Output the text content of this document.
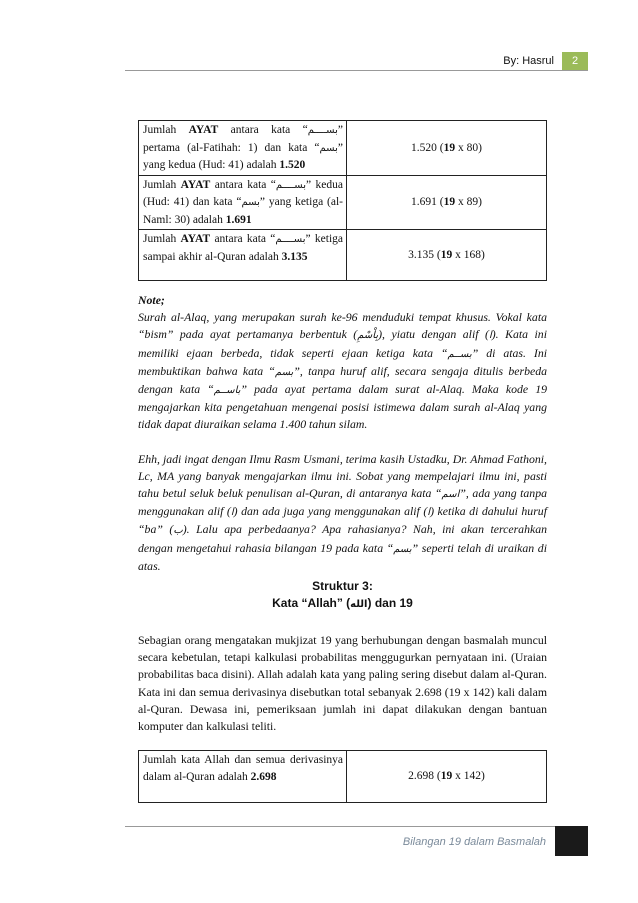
By: Hasrul	2
Jumlah AYAT antara kata “بســــم” pertama (al-Fatihah: 1) dan kata “بسم” yang kedua (Hud: 41) adalah 1.520	1.520 (19 x 80)
Jumlah AYAT antara kata “بســــم” kedua (Hud: 41) dan kata “بسم” yang ketiga (al-Naml: 30) adalah 1.691	1.691 (19 x 89)
Jumlah AYAT antara kata “بســــم” ketiga sampai akhir al-Quran adalah 3.135	3.135 (19 x 168)

Note;

Surah al-Alaq, yang merupakan surah ke-96 menduduki tempat khusus. Vokal kata “bism” pada ayat pertamanya berbentuk (بِاْسْمِ), yiatu dengan alif (ا). Kata ini memiliki ejaan berbeda, tidak seperti ejaan ketiga kata “بســم” di atas. Ini membuktikan bahwa kata “بسم”, tanpa huruf alif, secara sengaja ditulis berbeda dengan kata “باســم” pada ayat pertama dalam surat al-Alaq. Maka kode 19 mengajarkan kita pengetahuan mengenai posisi istimewa dalam surah al-Alaq yang tidak dapat diuraikan selama 1.400 tahun silam.

Ehh, jadi ingat dengan Ilmu Rasm Usmani, terima kasih Ustadku, Dr. Ahmad Fathoni, Lc, MA yang banyak mengajarkan ilmu ini. Sobat yang mempelajari ilmu ini, pasti tahu betul seluk beluk penulisan al-Quran, di antaranya kata “اسم”, ada yang tanpa menggunakan alif (ا) dan ada juga yang menggunakan alif (ا) ketika di dahului huruf “ba” (ب). Lalu apa perbedaanya? Apa rahasianya? Nah, ini akan tercerahkan dengan mengetahui rahasia bilangan 19 pada kata “بسم” seperti telah di uraikan di atas.

Struktur 3:
Kata “Allah” (الله) dan 19
Sebagian orang mengatakan mukjizat 19 yang berhubungan dengan basmalah muncul secara kebetulan, tetapi kalkulasi probabilitas menggugurkan pernyataan ini. (Uraian probabilitas baca disini). Allah adalah kata yang paling sering disebut dalam al-Quran. Kata ini dan semua derivasinya disebutkan total sebanyak 2.698 (19 x 142) kali dalam al-Quran. Dewasa ini, pemeriksaan jumlah ini dapat dilakukan dengan bantuan komputer dan kalkulasi teliti.
Jumlah kata Allah dan semua derivasinya dalam al-Quran adalah 2.698	2.698 (19 x 142)
Bilangan 19 dalam Basmalah
